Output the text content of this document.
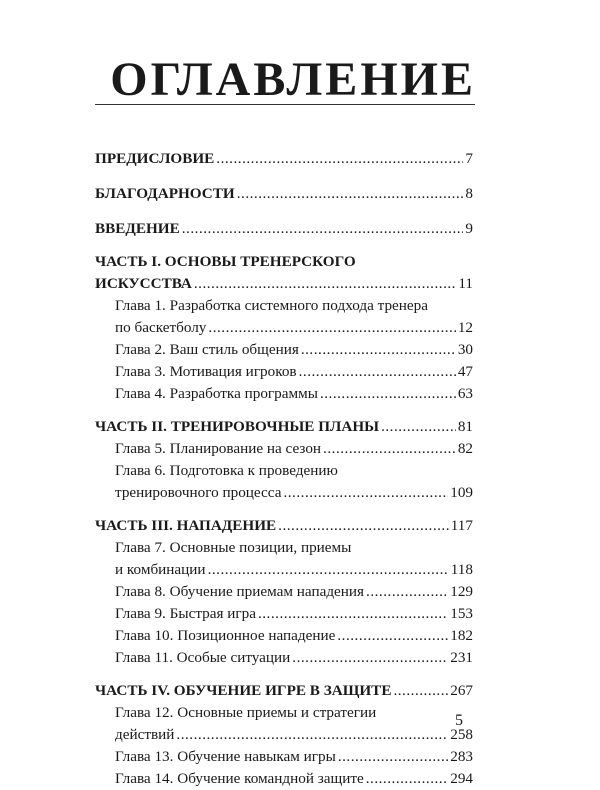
ОГЛАВЛЕНИЕ
ПРЕДИСЛОВИЕ .....	7
БЛАГОДАРНОСТИ .....	8
ВВЕДЕНИЕ .....	9
ЧАСТЬ I. ОСНОВЫ ТРЕНЕРСКОГО
ИСКУССТВА .....	11
Глава 1. Разработка системного подхода тренера
по баскетболу .....	12
Глава 2. Ваш стиль общения .....	30
Глава 3. Мотивация игроков .....	47
Глава 4. Разработка программы .....	63
ЧАСТЬ II. ТРЕНИРОВОЧНЫЕ ПЛАНЫ .....	81
Глава 5. Планирование на сезон .....	82
Глава 6. Подготовка к проведению
тренировочного процесса .....	109
ЧАСТЬ III. НАПАДЕНИЕ .....	117
Глава 7. Основные позиции, приемы
и комбинации .....	118
Глава 8. Обучение приемам нападения .....	129
Глава 9. Быстрая игра .....	153
Глава 10. Позиционное нападение .....	182
Глава 11. Особые ситуации .....	231
ЧАСТЬ IV. ОБУЧЕНИЕ ИГРЕ В ЗАЩИТЕ .....	267
Глава 12. Основные приемы и стратегии
действий .....	258
Глава 13. Обучение навыкам игры .....	283
Глава 14. Обучение командной защите .....	294
5
